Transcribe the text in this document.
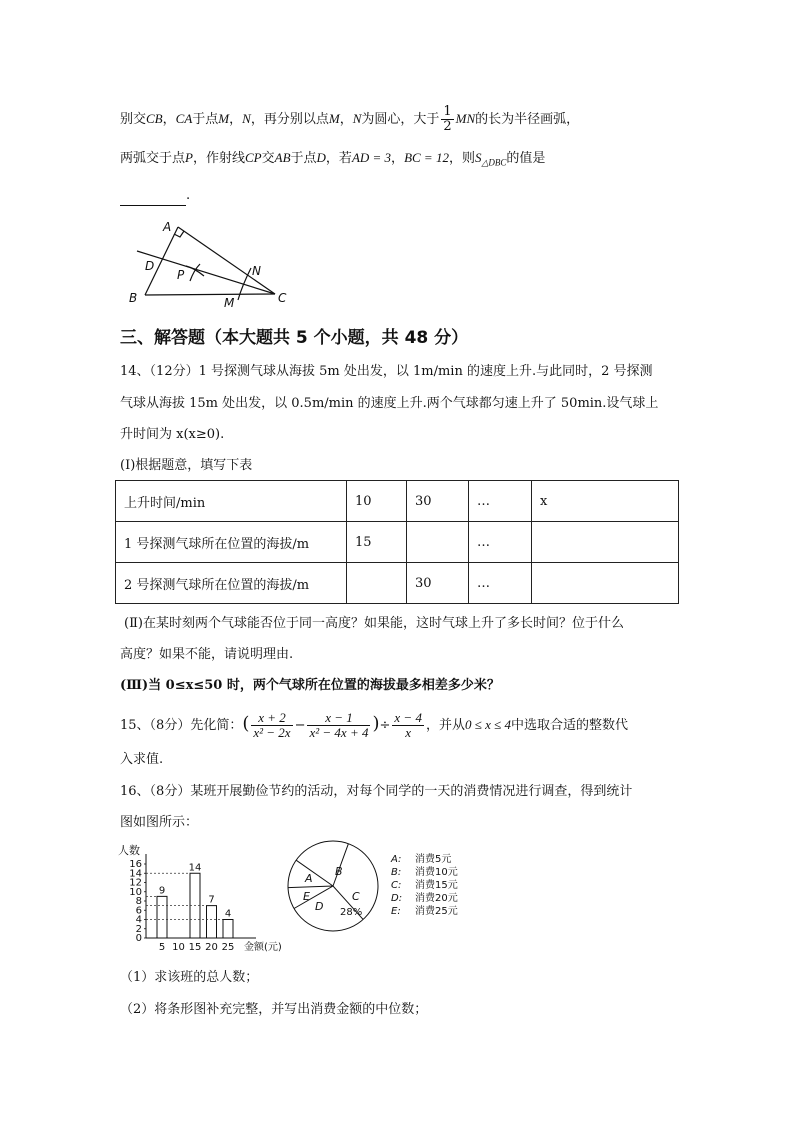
别交CB，CA于点M，N，再分别以点M，N为圆心，大于 $\frac{1}{2}$ MN的长为半径画弧，
两弧交于点P，作射线CP交AB于点D，若AD = 3，BC = 12，则$S_{\triangle DBC}$的值是
.
A
B	C
D
P
M
N
三、解答题（本大题共 5 个小题，共 48 分）
14、（12分）1 号探测气球从海拔 5m 处出发，以 1m/min 的速度上升.与此同时，2 号探测
气球从海拔 15m 处出发，以 0.5m/min 的速度上升.两个气球都匀速上升了 50min.设气球上
升时间为 x(x≥0).
(Ⅰ)根据题意，填写下表
上升时间/min	10	30	…	x
1 号探测气球所在位置的海拔/m	15		…	
2 号探测气球所在位置的海拔/m		30	…	
(Ⅱ)在某时刻两个气球能否位于同一高度？如果能，这时气球上升了多长时间？位于什么
高度？如果不能，请说明理由.
(Ⅲ)当 0≤x≤50 时，两个气球所在位置的海拔最多相差多少米？
15、（8分）先化简：( $\frac{x + 2}{\text{x² − 2x}} - \frac{x - 1}{\text{x² − 4x + 4}}$ )÷ $\frac{x - 4}{x}$ ，并从0 ≤ x ≤ 4中选取合适的整数代
入求值.
16、（8分）某班开展勤俭节约的活动，对每个同学的一天的消费情况进行调查，得到统计
图如图所示：
人数
0
2
4
6
8
10
12
14
16
5 10 15 20 25 金额(元)
9
14
7
4
A
B
C
D
E
28%
A: 消费5元
B: 消费10元
C: 消费15元
D: 消费20元
E: 消费25元
（1）求该班的总人数；
（2）将条形图补充完整，并写出消费金额的中位数；
